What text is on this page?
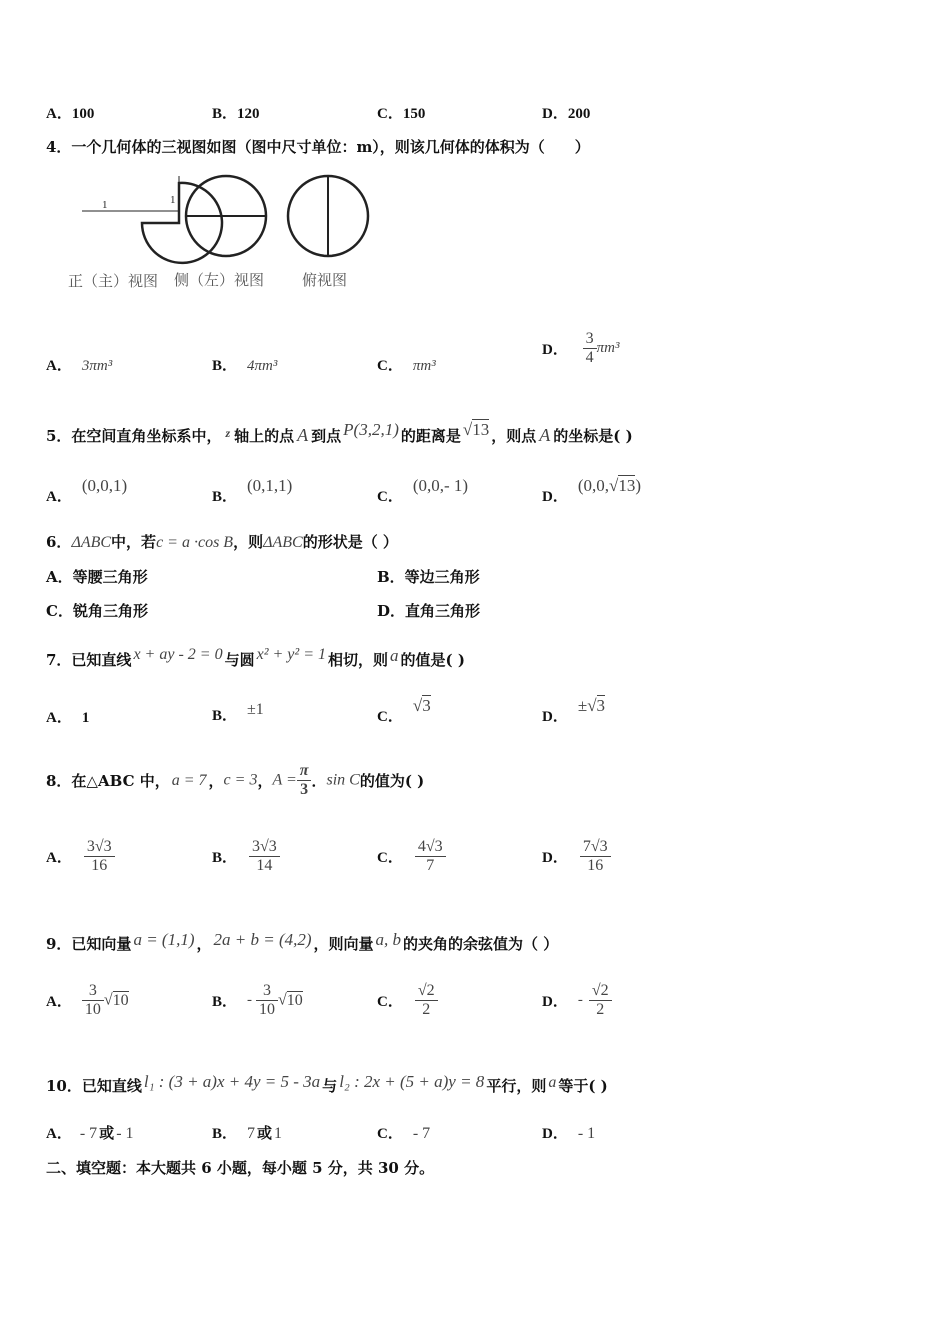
A．100	B．120	C．150	D．200
4．一个几何体的三视图如图（图中尺寸单位：m），则该几何体的体积为（　　）
1
1
正（主）视图 侧（左）视图	俯视图
A． 3πm³	B． 4πm³	C． πm³
D． $\frac{3}{4} \pi m^3$
5．在空间直角坐标系中， $^z$ 轴上的点 A 到点 P(3,2,1) 的距离是 √13 ，则点 A 的坐标是( )
A．(0,0,1)
B．(0,1,1)
C．(0,0,- 1)
D．(0,0,√13)
6．ΔABC中，若c = a ·cos B，则ΔABC的形状是（ ）
A．等腰三角形	B．等边三角形
C．锐角三角形	D．直角三角形
7．已知直线 x + ay - 2 = 0 与圆 x² + y² = 1 相切，则 a 的值是( )
A． 1	B． ±1	C．√3
D．±√3
8．在△ABC 中， a = 7 ，c = 3，$A = \frac{\pi}{3}$ ．sin C的值为( )
A． $\frac{3√3}{16}$	B． $\frac{3√3}{14}$	C． $\frac{4√3}{7}$	D． $\frac{7√3}{16}$
9．已知向量 a = (1,1) ， 2a + b = (4,2) ，则向量 a, b 的夹角的余弦值为（ ）
A． $\frac{3}{10} √10$	B． - $\frac{3}{10} √10$	C． $\frac{√2}{2}$	D． - $\frac{√2}{2}$
10．已知直线 l₁ : (3 + a)x + 4y = 5 - 3a 与 l₂ : 2x + (5 + a)y = 8 平行，则 a 等于( )
A． - 7 或 - 1	B． 7 或 1	C． - 7	D． - 1
二、填空题：本大题共 6 小题，每小题 5 分，共 30 分。
